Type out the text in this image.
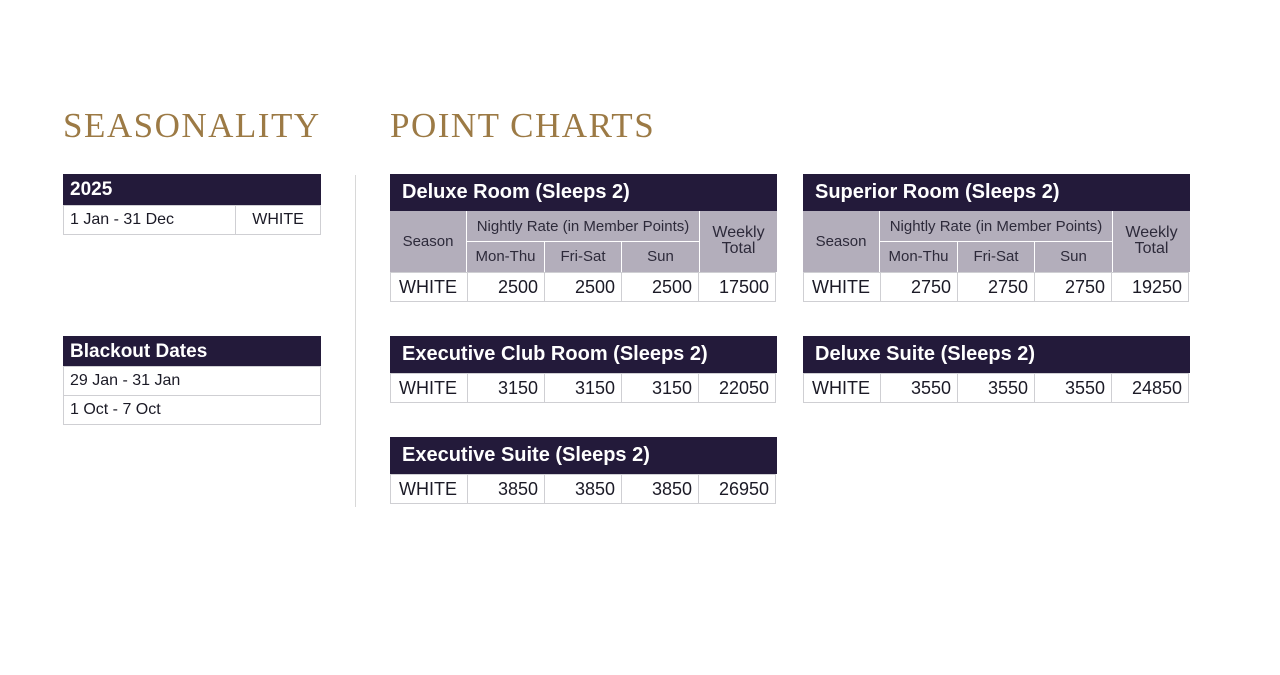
SEASONALITY POINT CHARTS
2025
1 Jan - 31 Dec	WHITE
Blackout Dates
29 Jan - 31 Jan
1 Oct - 7 Oct
Deluxe Room (Sleeps 2)
Season
Nightly Rate (in Member Points)
Mon-Thu	Fri-Sat	Sun
Weekly
Total
WHITE	2500	2500	2500	17500
Superior Room (Sleeps 2)
Season
Nightly Rate (in Member Points)
Mon-Thu	Fri-Sat	Sun
Weekly
Total
WHITE	2750	2750	2750	19250
Executive Club Room (Sleeps 2)
WHITE	3150	3150	3150	22050
Deluxe Suite (Sleeps 2)
WHITE	3550	3550	3550	24850
Executive Suite (Sleeps 2)
WHITE	3850	3850	3850	26950
